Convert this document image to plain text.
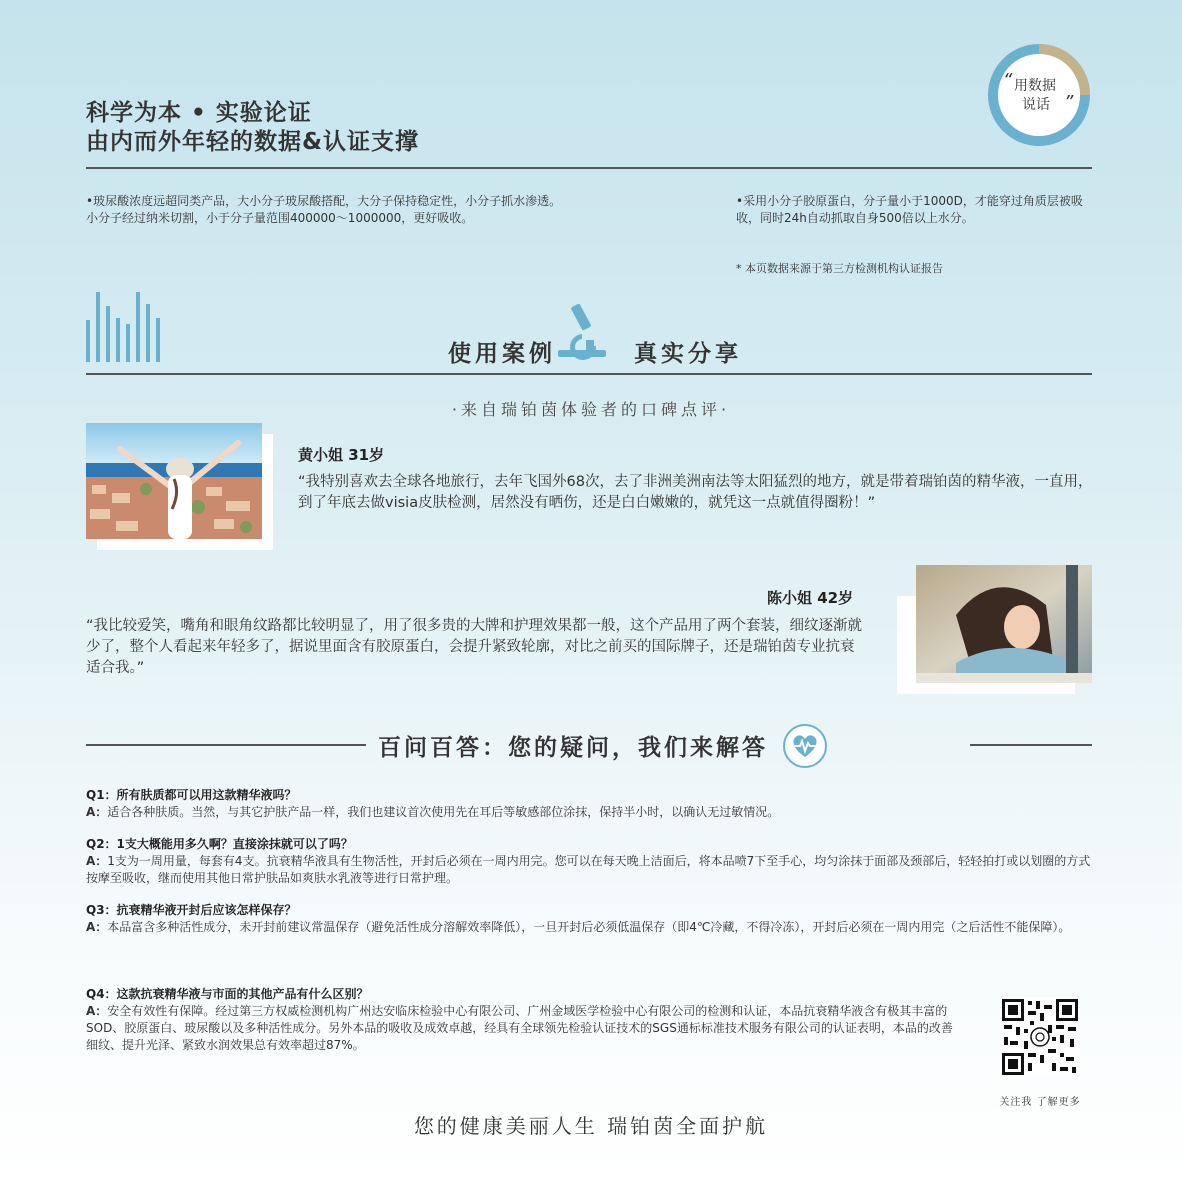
“ 用数据
说话 ”
科学为本 • 实验论证
由内而外年轻的数据&认证支撑
•玻尿酸浓度远超同类产品，大小分子玻尿酸搭配，大分子保持稳定性，小分子抓水渗透。小分子经过纳米切割，小于分子量范围400000～1000000，更好吸收。
•采用小分子胶原蛋白，分子量小于1000D，才能穿过角质层被吸收，同时24h自动抓取自身500倍以上水分。
* 本页数据来源于第三方检测机构认证报告
使用案例	真实分享
·来自瑞铂茵体验者的口碑点评·
黄小姐 31岁
“我特别喜欢去全球各地旅行，去年飞国外68次，去了非洲美洲南法等太阳猛烈的地方，就是带着瑞铂茵的精华液，一直用，到了年底去做visia皮肤检测，居然没有晒伤，还是白白嫩嫩的，就凭这一点就值得圈粉！”
陈小姐 42岁
“我比较爱笑，嘴角和眼角纹路都比较明显了，用了很多贵的大牌和护理效果都一般，这个产品用了两个套装，细纹逐渐就少了，整个人看起来年轻多了，据说里面含有胶原蛋白，会提升紧致轮廓，对比之前买的国际牌子，还是瑞铂茵专业抗衰适合我。”
百问百答：您的疑问，我们来解答
Q1：所有肤质都可以用这款精华液吗？
A：适合各种肤质。当然，与其它护肤产品一样，我们也建议首次使用先在耳后等敏感部位涂抹，保持半小时，以确认无过敏情况。
Q2：1支大概能用多久啊？直接涂抹就可以了吗？
A：1支为一周用量，每套有4支。抗衰精华液具有生物活性，开封后必须在一周内用完。您可以在每天晚上洁面后，将本品喷7下至手心，均匀涂抹于面部及颈部后，轻轻拍打或以划圈的方式按摩至吸收，继而使用其他日常护肤品如爽肤水乳液等进行日常护理。
Q3：抗衰精华液开封后应该怎样保存？
A：本品富含多种活性成分，未开封前建议常温保存（避免活性成分溶解效率降低），一旦开封后必须低温保存（即4℃冷藏，不得冷冻），开封后必须在一周内用完（之后活性不能保障）。
Q4：这款抗衰精华液与市面的其他产品有什么区别？
A：安全有效性有保障。经过第三方权威检测机构广州达安临床检验中心有限公司、广州金域医学检验中心有限公司的检测和认证，本品抗衰精华液含有极其丰富的SOD、胶原蛋白、玻尿酸以及多种活性成分。另外本品的吸收及成效卓越，经具有全球领先检验认证技术的SGS通标标准技术服务有限公司的认证表明，本品的改善细纹、提升光泽、紧致水润效果总有效率超过87%。
关注我 了解更多
您的健康美丽人生 瑞铂茵全面护航
